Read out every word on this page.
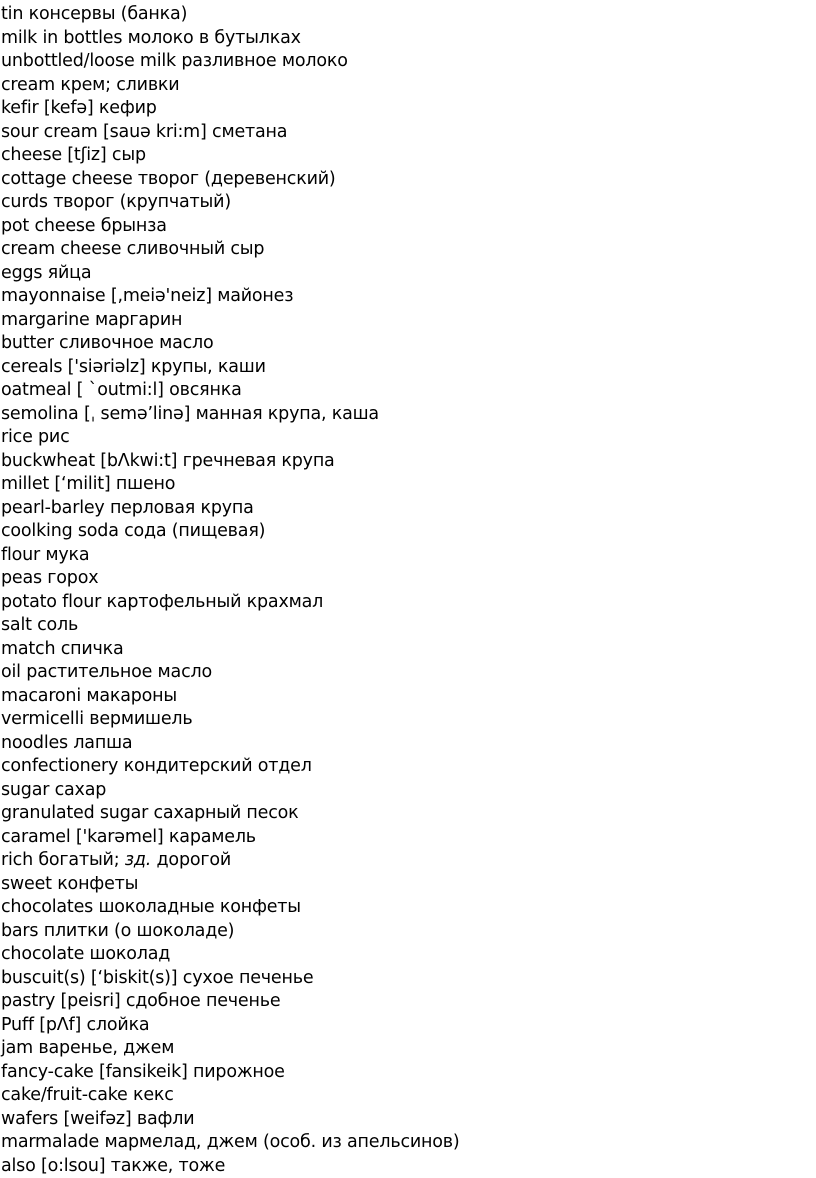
tin консервы (банка)
milk in bottles молоко в бутылках
unbottled/loose milk разливное молоко
cream крем; сливки
kefir [kefə] кефир
sour cream [sauə kri:m] сметана
cheese [tʃiz] сыр
cottage cheese творог (деревенский)
curds творог (крупчатый)
pot cheese брынза
cream cheese сливочный сыр
eggs яйца
mayonnaise [,meiə'neiz] майонез
margarine маргарин
butter сливочное масло
cereals ['siəriəlz] крупы, каши
oatmeal [ `outmi:l] овсянка
semolina [ˌ semə’linə] манная крупа, каша
rice рис
buckwheat [bΛkwi:t] гречневая крупа
millet [‘milit] пшено
pearl-barley перловая крупа
coolking soda сода (пищевая)
flour мука
peas горох
potato flour картофельный крахмал
salt соль
match спичка
oil растительное масло
macaroni макароны
vermicelli вермишель
noodles лапша
confectionery кондитерский отдел
sugar сахар
granulated sugar сахарный песок
caramel ['karəmel] карамель
rich богатый; зд. дорогой
sweet конфеты
chocolates шоколадные конфеты
bars плитки (о шоколаде)
chocolate шоколад
buscuit(s) [‘biskit(s)] сухое печенье
pastry [peisri] сдобное печенье
Puff [pΛf] слойка
jam варенье, джем
fancy-cake [fansikeik] пирожное
cake/fruit-cake кекс
wafers [weifəz] вафли
marmalade мармелад, джем (особ. из апельсинов)
also [o:lsou] также, тоже
